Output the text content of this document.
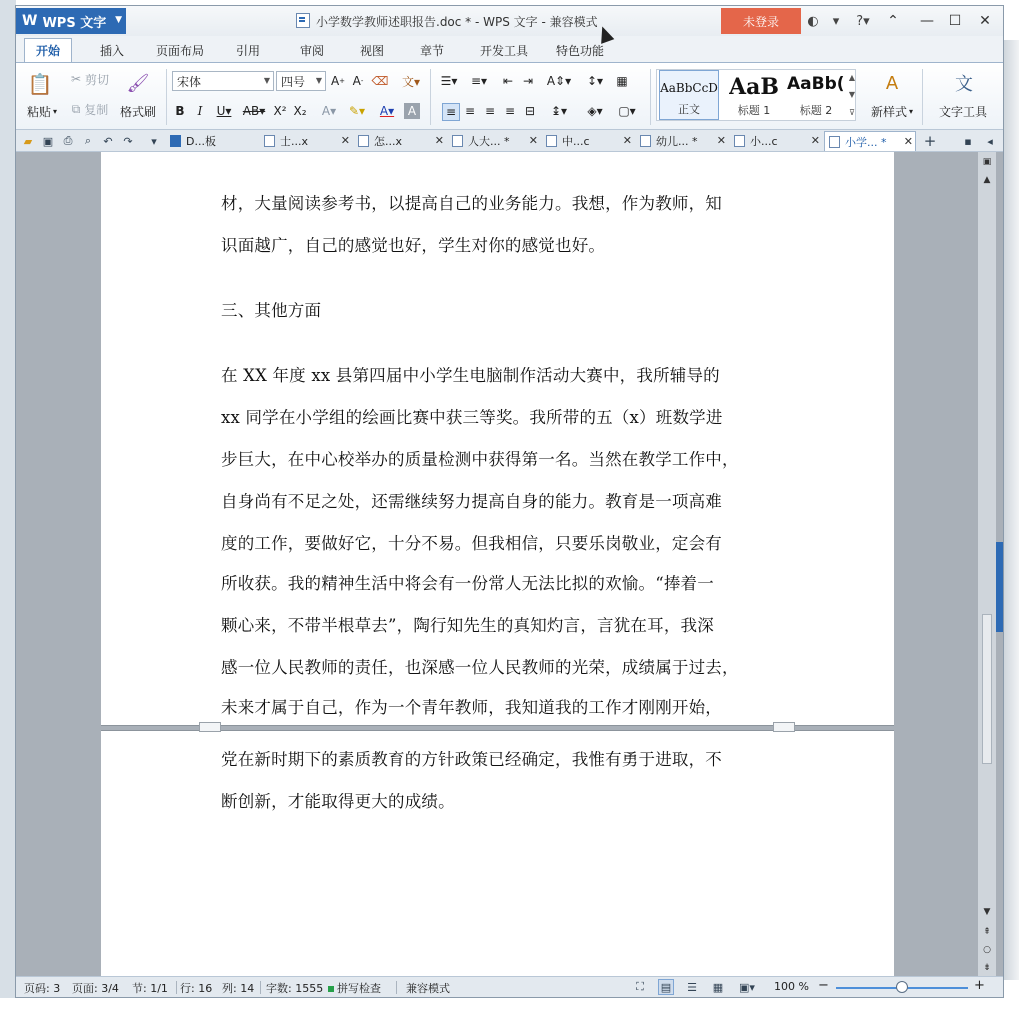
W WPS 文字 ▼	小学数学教师述职报告.doc * - WPS 文字 - 兼容模式	未登录	◐	▾	?▾	⌃	—	☐	✕
开始	插入	页面布局	引用	审阅	视图	章节	开发工具	特色功能
📋
粘贴 ▾
✂ 剪切
⧉ 复制
🖌
格式刷
宋体	▼ 四号 ▼ A + A - ⌫	文▾
B	I	U▾ AB▾ X² X₂	A▾	✎▾	A▾	A
☰▾	≡▾	⇤ ⇥ A⇕▾	↕▾	▦
≡ ≡ ≡ ≡ ⊟	↨▾	◈▾	▢▾
AaBbCcD
正文
AaB
标题 1
AaBb(
标题 2
▲
▼
⊽
A
新样式 ▾
文
文字工具
▰ ▣ ⎙	⌕	↶ ↷	▾	D...板	士...x	✕ 怎...x	✕ 人大... * ✕ 中...c	✕ 幼儿... * ✕ 小...c	✕ 小学... * ✕ +	▪	◂
材，大量阅读参考书，以提高自己的业务能力。我想，作为教师，知
识面越广，自己的感觉也好，学生对你的感觉也好。
三、其他方面
在 XX 年度 xx 县第四届中小学生电脑制作活动大赛中，我所辅导的
xx 同学在小学组的绘画比赛中获三等奖。我所带的五（x）班数学进
步巨大，在中心校举办的质量检测中获得第一名。当然在教学工作中，
自身尚有不足之处，还需继续努力提高自身的能力。教育是一项高难
度的工作，要做好它，十分不易。但我相信，只要乐岗敬业，定会有
所收获。我的精神生活中将会有一份常人无法比拟的欢愉。“捧着一
颗心来，不带半根草去”，陶行知先生的真知灼言，言犹在耳，我深
感一位人民教师的责任，也深感一位人民教师的光荣，成绩属于过去，
未来才属于自己，作为一个青年教师，我知道我的工作才刚刚开始，
党在新时期下的素质教育的方针政策已经确定，我惟有勇于进取，不
断创新，才能取得更大的成绩。
▣
▲
▼
⇞
○
⇟
页码: 3 页面: 3/4 节: 1/1 行: 16 列: 14 字数: 1555	拼写检查 兼容模式	⛶	▤ ☰ ▦	▣▾	100 % −	+
